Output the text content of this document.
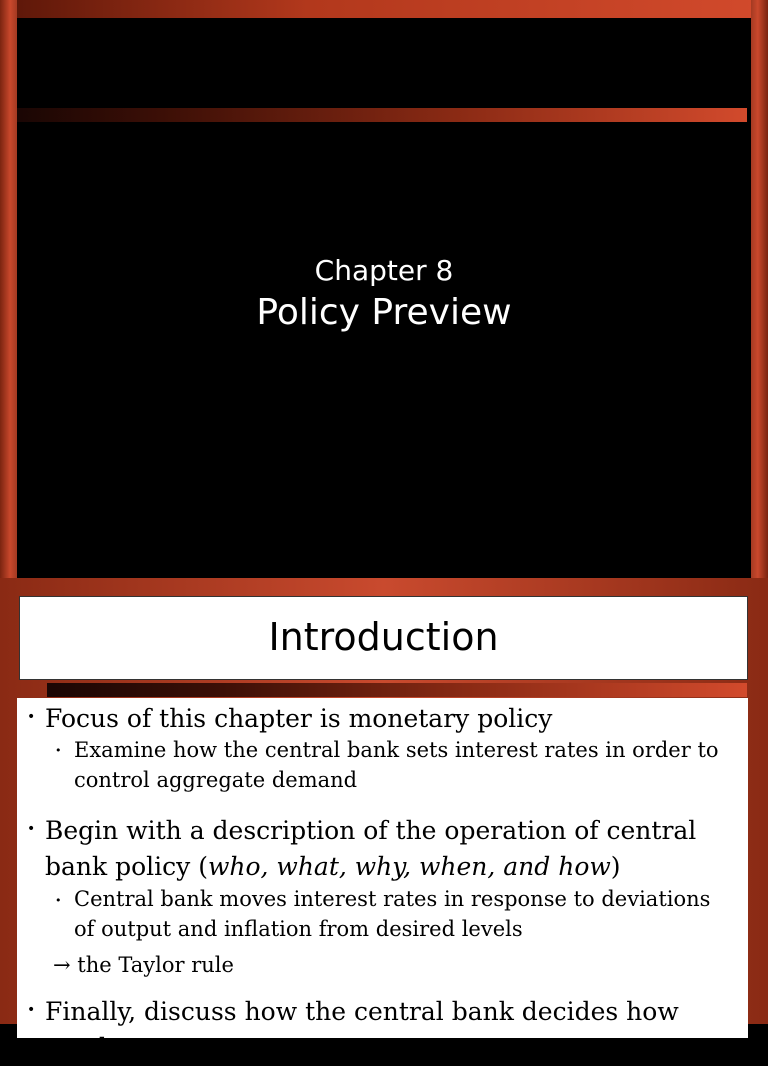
Chapter 8
Policy Preview
Introduction
• Focus of this chapter is monetary policy
• Examine how the central bank sets interest rates in order to control aggregate demand
• Begin with a description of the operation of central bank policy (who, what, why, when, and how)
• Central bank moves interest rates in response to deviations of output and inflation from desired levels
→ the Taylor rule
• Finally, discuss how the central bank decides how much
